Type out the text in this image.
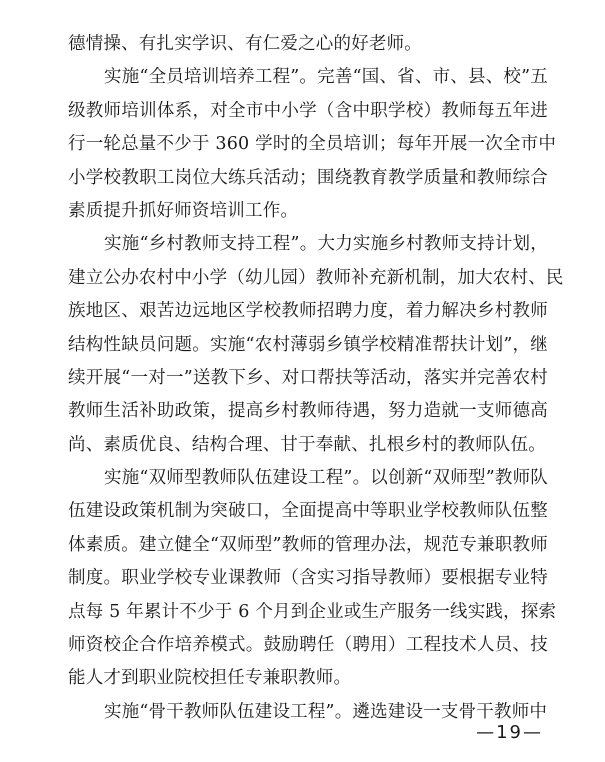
德情操、有扎实学识、有仁爱之心的好老师。
实施“全员培训培养工程”。完善“国、省、市、县、校”五
级教师培训体系，对全市中小学（含中职学校）教师每五年进
行一轮总量不少于 360 学时的全员培训；每年开展一次全市中
小学校教职工岗位大练兵活动；围绕教育教学质量和教师综合
素质提升抓好师资培训工作。
实施“乡村教师支持工程”。大力实施乡村教师支持计划，
建立公办农村中小学（幼儿园）教师补充新机制，加大农村、民
族地区、艰苦边远地区学校教师招聘力度，着力解决乡村教师
结构性缺员问题。实施“农村薄弱乡镇学校精准帮扶计划”，继
续开展“一对一”送教下乡、对口帮扶等活动，落实并完善农村
教师生活补助政策，提高乡村教师待遇，努力造就一支师德高
尚、素质优良、结构合理、甘于奉献、扎根乡村的教师队伍。
实施“双师型教师队伍建设工程”。以创新“双师型”教师队
伍建设政策机制为突破口，全面提高中等职业学校教师队伍整
体素质。建立健全“双师型”教师的管理办法，规范专兼职教师
制度。职业学校专业课教师（含实习指导教师）要根据专业特
点每 5 年累计不少于 6 个月到企业或生产服务一线实践，探索
师资校企合作培养模式。鼓励聘任（聘用）工程技术人员、技
能人才到职业院校担任专兼职教师。
实施“骨干教师队伍建设工程”。遴选建设一支骨干教师中
—19—
